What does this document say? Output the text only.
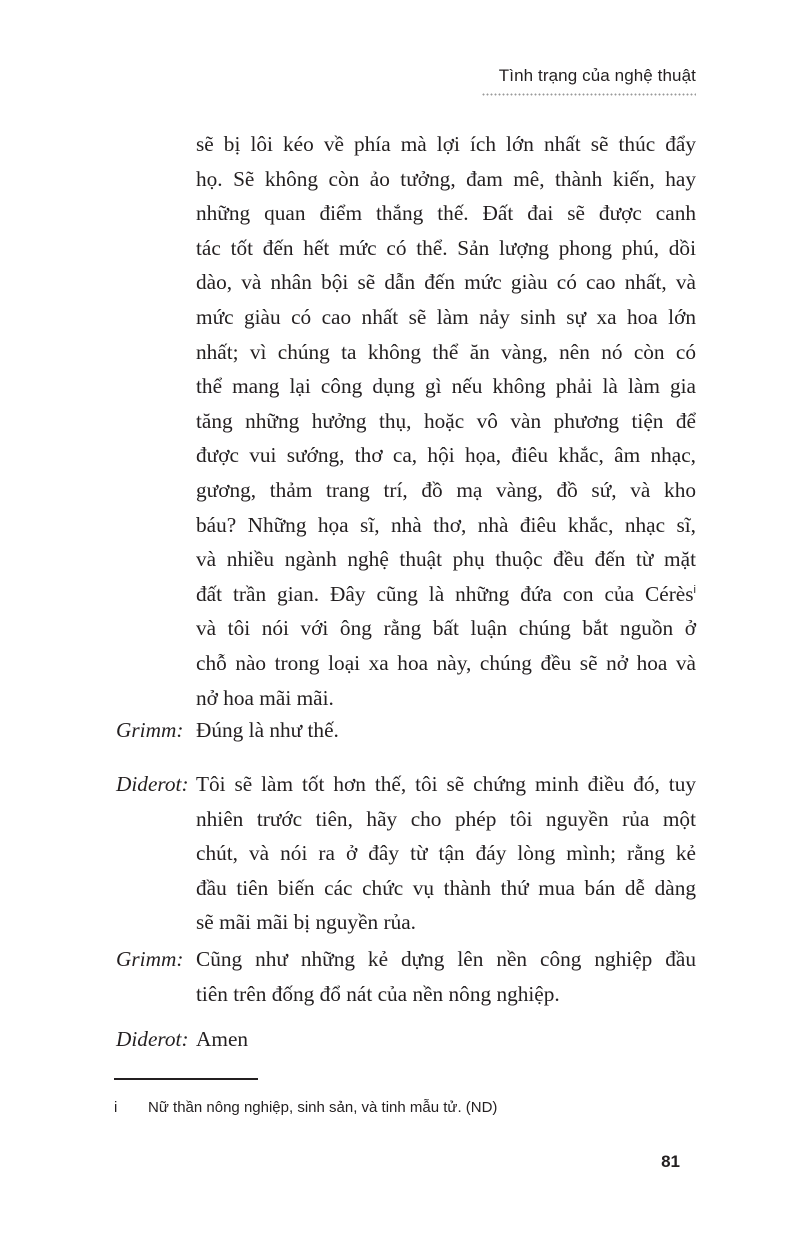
Tình trạng của nghệ thuật
sẽ bị lôi kéo về phía mà lợi ích lớn nhất sẽ thúc đẩy
họ. Sẽ không còn ảo tưởng, đam mê, thành kiến, hay
những quan điểm thắng thế. Đất đai sẽ được canh
tác tốt đến hết mức có thể. Sản lượng phong phú, dồi
dào, và nhân bội sẽ dẫn đến mức giàu có cao nhất, và
mức giàu có cao nhất sẽ làm nảy sinh sự xa hoa lớn
nhất; vì chúng ta không thể ăn vàng, nên nó còn có
thể mang lại công dụng gì nếu không phải là làm gia
tăng những hưởng thụ, hoặc vô vàn phương tiện để
được vui sướng, thơ ca, hội họa, điêu khắc, âm nhạc,
gương, thảm trang trí, đồ mạ vàng, đồ sứ, và kho
báu? Những họa sĩ, nhà thơ, nhà điêu khắc, nhạc sĩ,
và nhiều ngành nghệ thuật phụ thuộc đều đến từ mặt
đất trần gian. Đây cũng là những đứa con của Cérès$^i$
và tôi nói với ông rằng bất luận chúng bắt nguồn ở
chỗ nào trong loại xa hoa này, chúng đều sẽ nở hoa và
nở hoa mãi mãi.
Grimm: Đúng là như thế.
Diderot: Tôi sẽ làm tốt hơn thế, tôi sẽ chứng minh điều đó, tuy
nhiên trước tiên, hãy cho phép tôi nguyền rủa một
chút, và nói ra ở đây từ tận đáy lòng mình; rằng kẻ
đầu tiên biến các chức vụ thành thứ mua bán dễ dàng
sẽ mãi mãi bị nguyền rủa.
Grimm: Cũng như những kẻ dựng lên nền công nghiệp đầu
tiên trên đống đổ nát của nền nông nghiệp.
Diderot: Amen
i Nữ thần nông nghiệp, sinh sản, và tinh mẫu tử. (ND)
81
